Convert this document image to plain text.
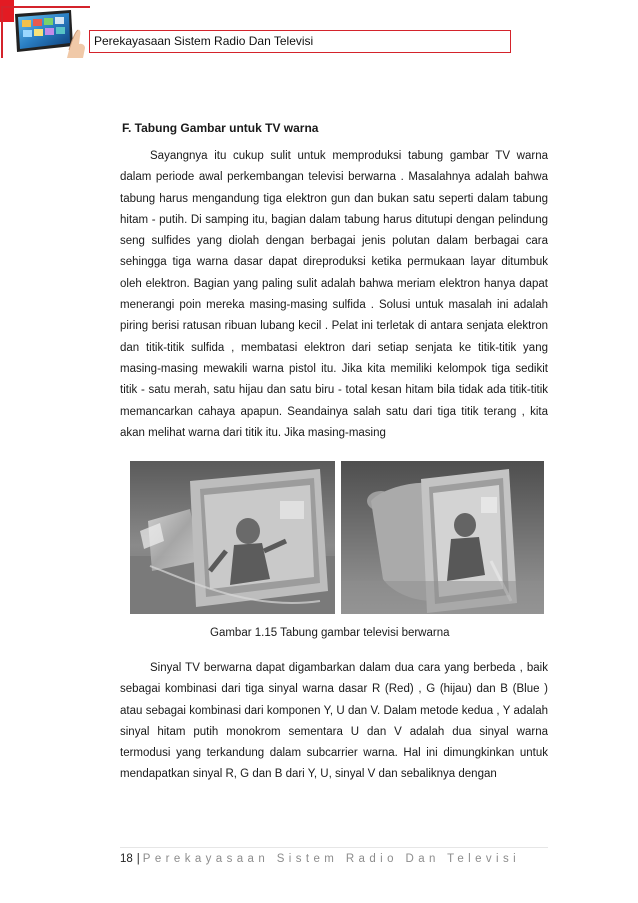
Perekayasaan Sistem Radio Dan Televisi
F. Tabung Gambar untuk TV warna

Sayangnya itu cukup sulit untuk memproduksi tabung gambar TV warna dalam periode awal perkembangan televisi berwarna . Masalahnya adalah bahwa tabung harus mengandung tiga elektron gun dan bukan satu seperti dalam tabung hitam - putih. Di samping itu, bagian dalam tabung harus ditutupi dengan pelindung seng sulfides yang diolah dengan berbagai jenis polutan dalam berbagai cara sehingga tiga warna dasar dapat direproduksi ketika permukaan layar ditumbuk oleh elektron. Bagian yang paling sulit adalah bahwa meriam elektron hanya dapat menerangi poin mereka masing-masing sulfida . Solusi untuk masalah ini adalah piring berisi ratusan ribuan lubang kecil . Pelat ini terletak di antara senjata elektron dan titik-titik sulfida , membatasi elektron dari setiap senjata ke titik-titik yang masing-masing mewakili warna pistol itu. Jika kita memiliki kelompok tiga sedikit titik - satu merah, satu hijau dan satu biru - total kesan hitam bila tidak ada titik-titik memancarkan cahaya apapun. Seandainya salah satu dari tiga titik terang , kita akan melihat warna dari titik itu. Jika masing-masing

Gambar 1.15 Tabung gambar televisi berwarna

Sinyal TV berwarna dapat digambarkan dalam dua cara yang berbeda , baik sebagai kombinasi dari tiga sinyal warna dasar R (Red) , G (hijau) dan B (Blue ) atau sebagai kombinasi dari komponen Y, U dan V. Dalam metode kedua , Y adalah sinyal hitam putih monokrom sementara U dan V adalah dua sinyal warna termodusi yang terkandung dalam subcarrier warna. Hal ini dimungkinkan untuk mendapatkan sinyal R, G dan B dari Y, U, sinyal V dan sebaliknya dengan

18 | Perekayasaan Sistem Radio Dan Televisi
